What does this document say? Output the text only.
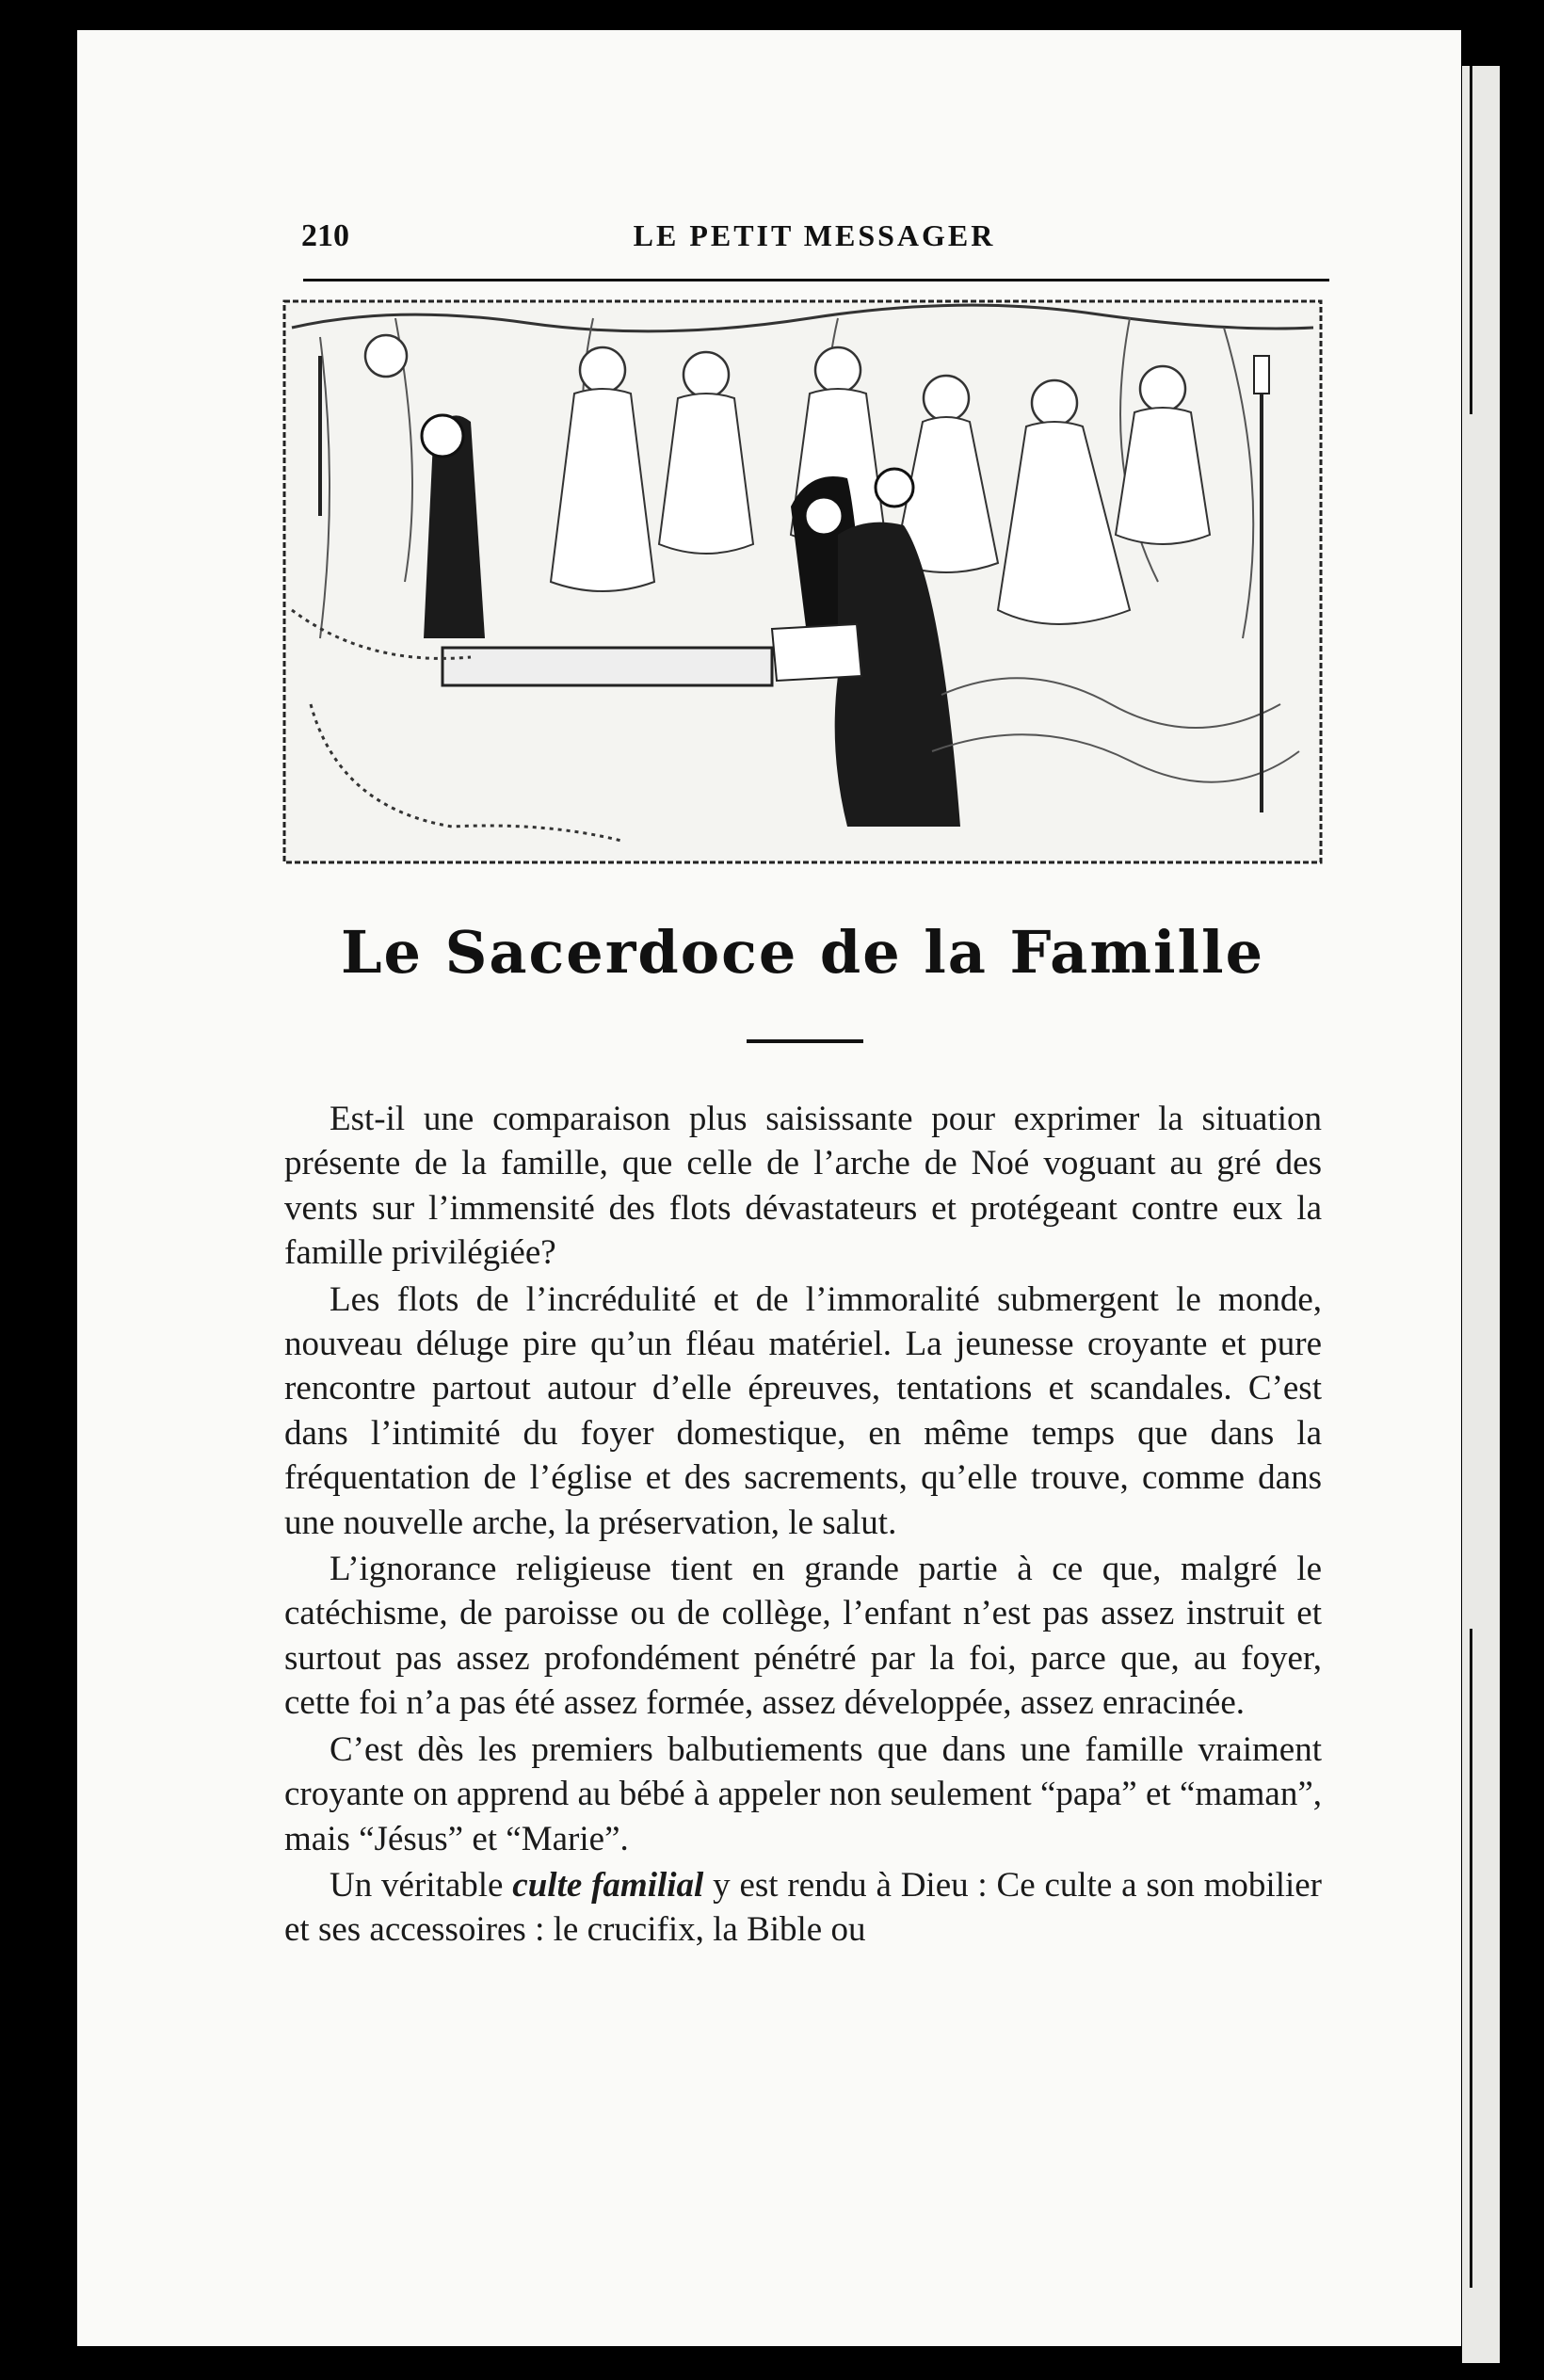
210	LE PETIT MESSAGER
Le Sacerdoce de la Famille

Est-il une comparaison plus saisissante pour exprimer la situation présente de la famille, que celle de l’arche de Noé voguant au gré des vents sur l’immensité des flots dévastateurs et protégeant contre eux la famille privilégiée?

Les flots de l’incrédulité et de l’immoralité submergent le monde, nouveau déluge pire qu’un fléau matériel. La jeunesse croyante et pure rencontre partout autour d’elle épreuves, tentations et scandales. C’est dans l’intimité du foyer domestique, en même temps que dans la fréquentation de l’église et des sacrements, qu’elle trouve, comme dans une nouvelle arche, la préservation, le salut.

L’ignorance religieuse tient en grande partie à ce que, malgré le catéchisme, de paroisse ou de collège, l’enfant n’est pas assez instruit et surtout pas assez profondément pénétré par la foi, parce que, au foyer, cette foi n’a pas été assez formée, assez développée, assez enracinée.

C’est dès les premiers balbutiements que dans une famille vraiment croyante on apprend au bébé à appeler non seulement “papa” et “maman”, mais “Jésus” et “Marie”.

Un véritable culte familial y est rendu à Dieu : Ce culte a son mobilier et ses accessoires : le crucifix, la Bible ou
